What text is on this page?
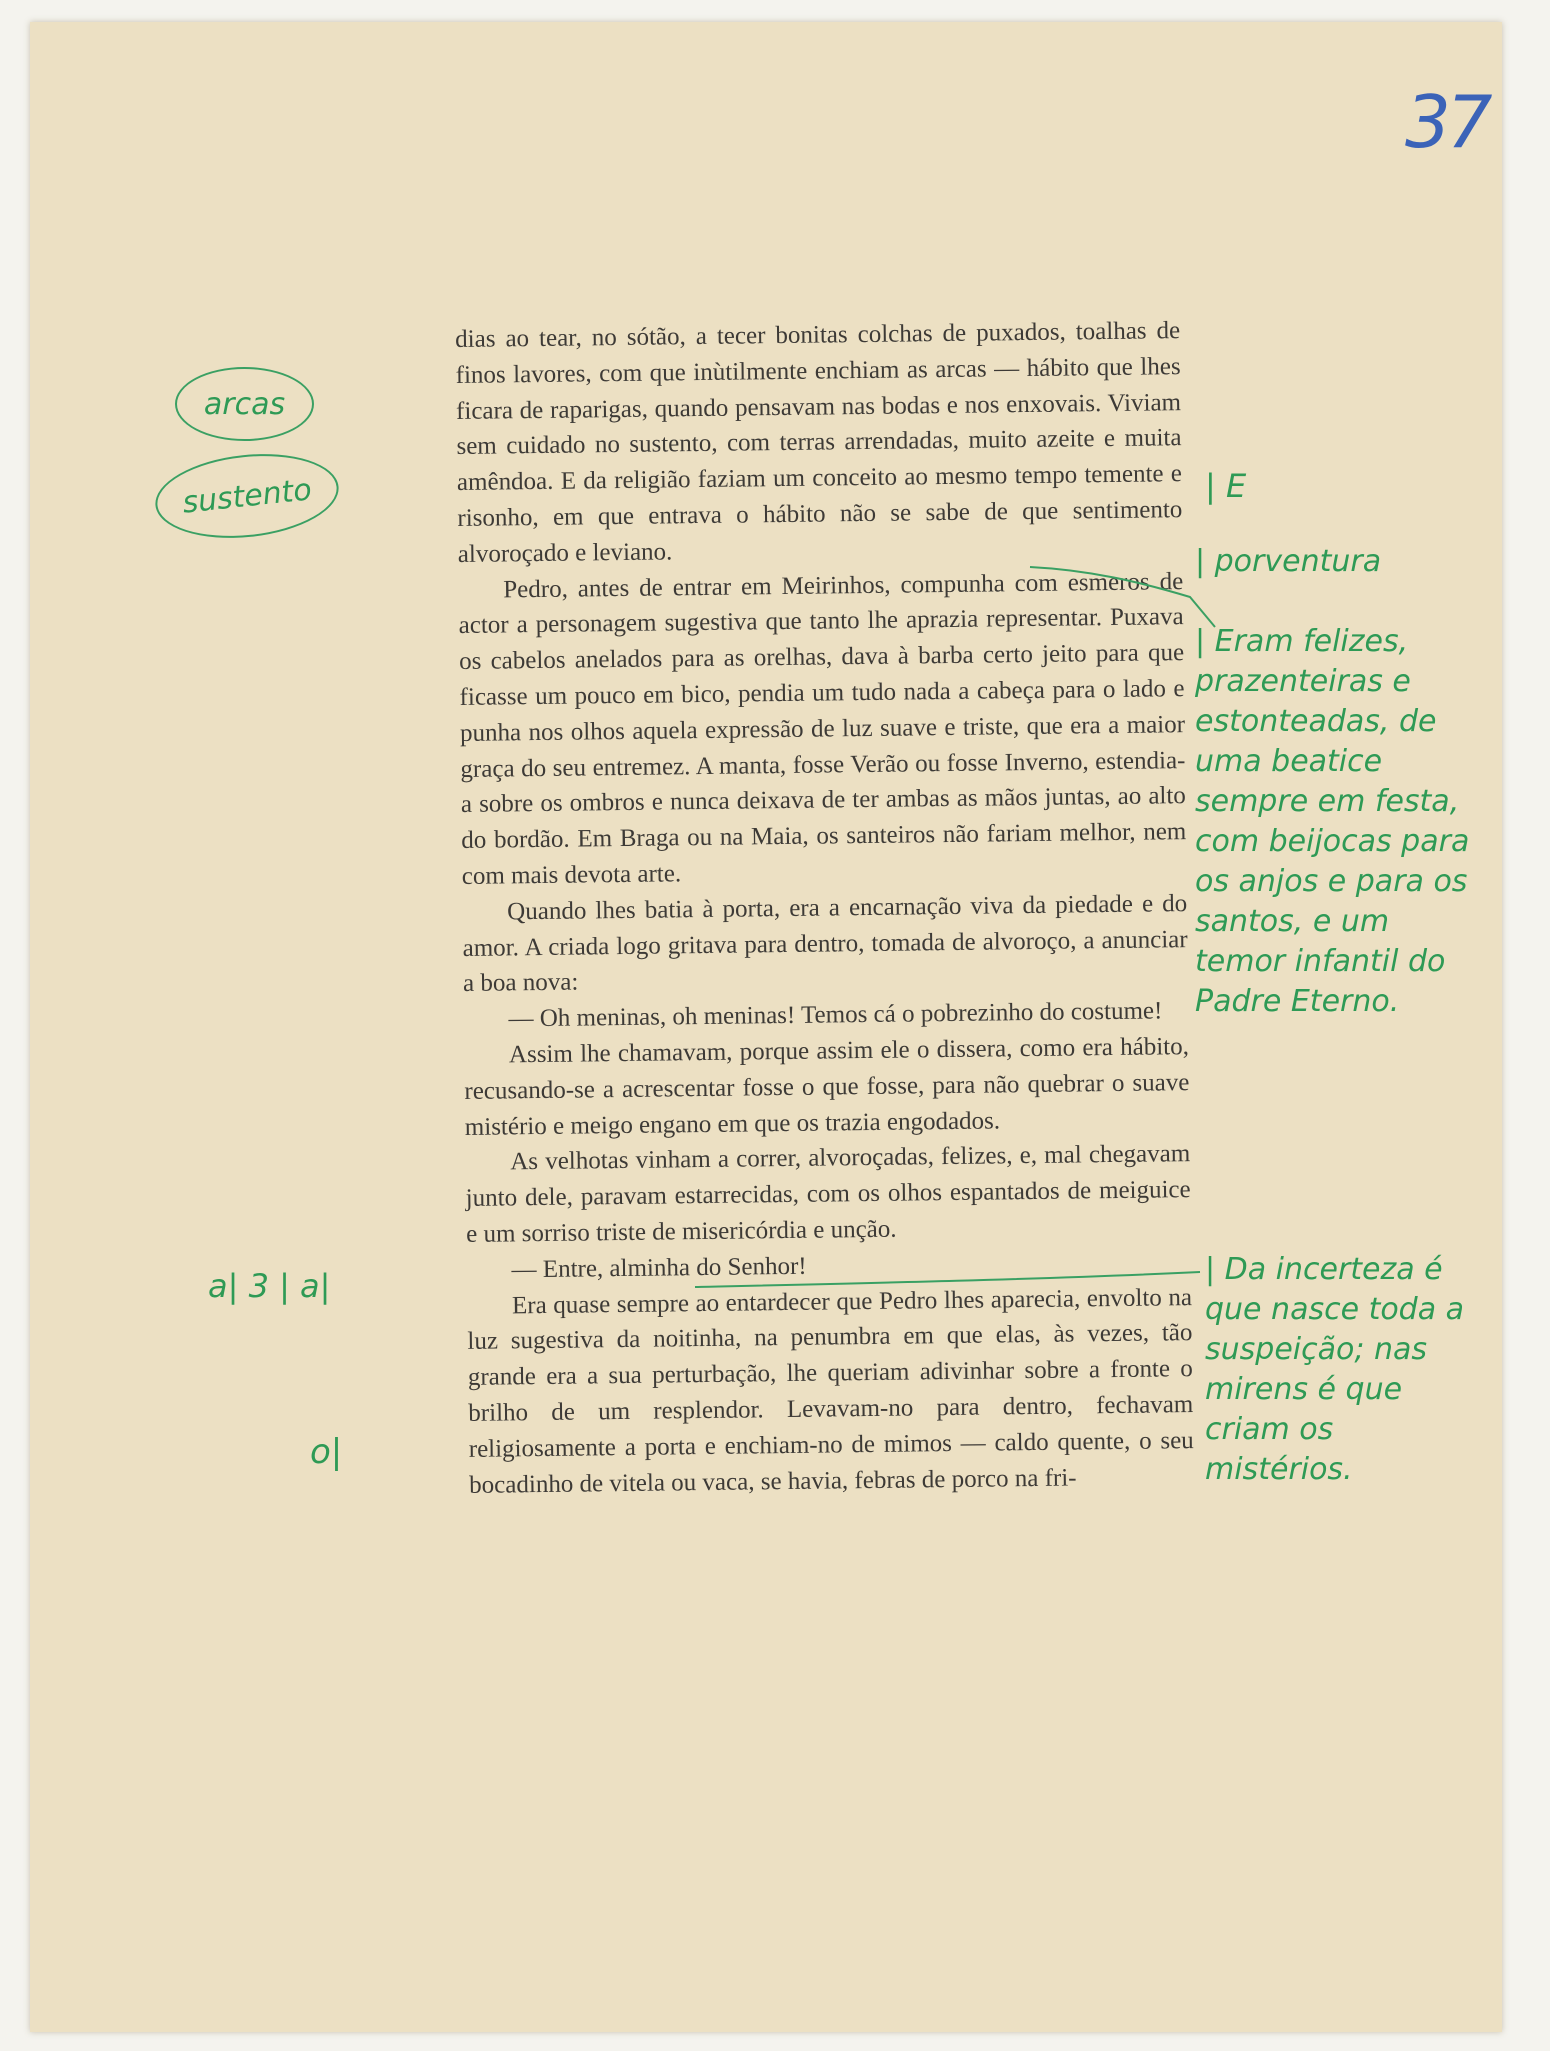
37

dias ao tear, no sótão, a tecer bonitas colchas de puxados, toalhas de finos lavores, com que inùtilmente enchiam as arcas — hábito que lhes ficara de raparigas, quando pensavam nas bodas e nos enxovais. Viviam sem cuidado no sustento, com terras arrendadas, muito azeite e muita amêndoa. E da religião faziam um conceito ao mesmo tempo temente e risonho, em que entrava o hábito não se sabe de que sentimento alvoroçado e leviano.

Pedro, antes de entrar em Meirinhos, compunha com esmeros de actor a personagem sugestiva que tanto lhe aprazia representar. Puxava os cabelos anelados para as orelhas, dava à barba certo jeito para que ficasse um pouco em bico, pendia um tudo nada a cabeça para o lado e punha nos olhos aquela expressão de luz suave e triste, que era a maior graça do seu entremez. A manta, fosse Verão ou fosse Inverno, estendia-a sobre os ombros e nunca deixava de ter ambas as mãos juntas, ao alto do bordão. Em Braga ou na Maia, os santeiros não fariam melhor, nem com mais devota arte.

Quando lhes batia à porta, era a encarnação viva da piedade e do amor. A criada logo gritava para dentro, tomada de alvoroço, a anunciar a boa nova:

— Oh meninas, oh meninas! Temos cá o pobrezinho do costume!

Assim lhe chamavam, porque assim ele o dissera, como era hábito, recusando-se a acrescentar fosse o que fosse, para não quebrar o suave mistério e meigo engano em que os trazia engodados.

As velhotas vinham a correr, alvoroçadas, felizes, e, mal chegavam junto dele, paravam estarrecidas, com os olhos espantados de meiguice e um sorriso triste de misericórdia e unção.

— Entre, alminha do Senhor!

Era quase sempre ao entardecer que Pedro lhes aparecia, envolto na luz sugestiva da noitinha, na penumbra em que elas, às vezes, tão grande era a sua perturbação, lhe queriam adivinhar sobre a fronte o brilho de um resplendor. Levavam-no para dentro, fechavam religiosamente a porta e enchiam-no de mimos — caldo quente, o seu bocadinho de vitela ou vaca, se havia, febras de porco na fri-

arcas
sustento
a| 3 | a|
o|
| E
| porventura
| Eram felizes, prazenteiras e estonteadas, de uma beatice sempre em festa, com beijocas para os anjos e para os santos, e um temor infantil do Padre Eterno.
| Da incerteza é que nasce toda a suspeição; nas mirens é que criam os mistérios.
